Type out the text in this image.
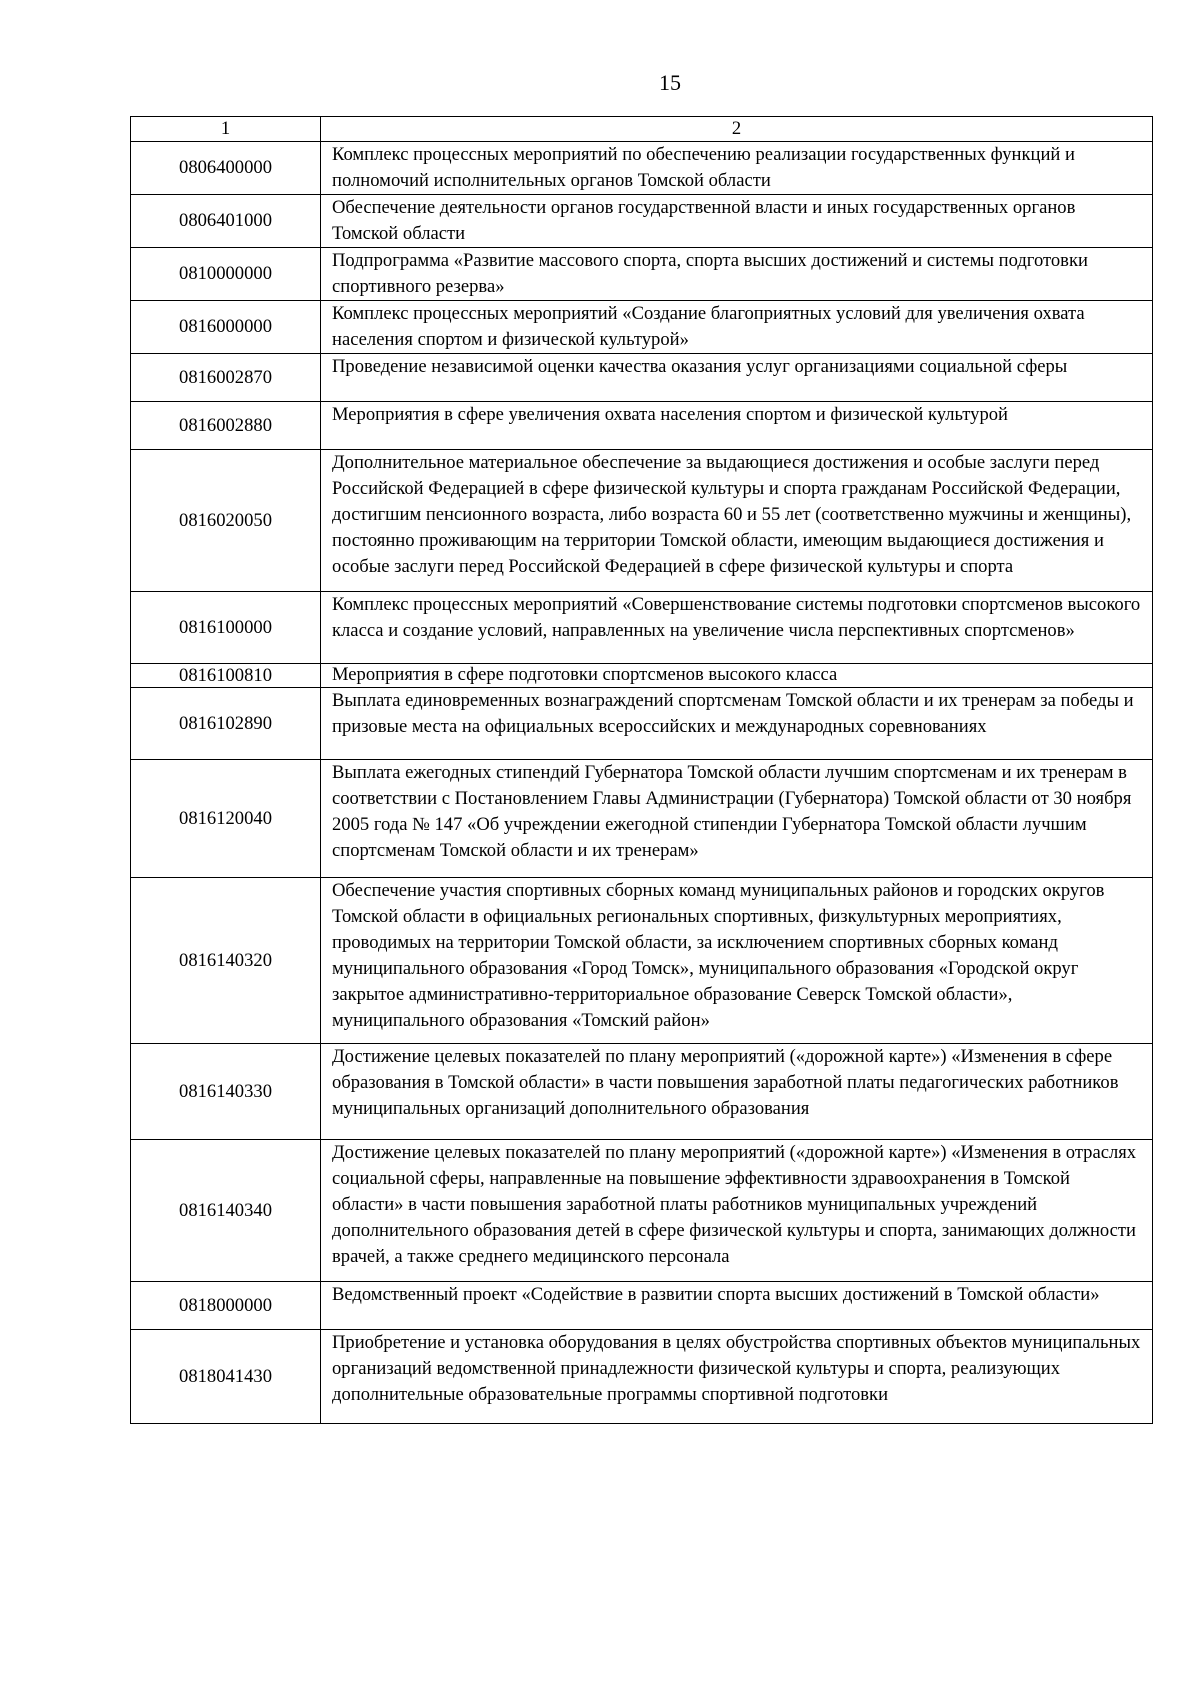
15
1	2
0806400000	Комплекс процессных мероприятий по обеспечению реализации государственных функций и полномочий исполнительных органов Томской области
0806401000	Обеспечение деятельности органов государственной власти и иных государственных органов Томской области
0810000000	Подпрограмма «Развитие массового спорта, спорта высших достижений и системы подготовки спортивного резерва»
0816000000	Комплекс процессных мероприятий «Создание благоприятных условий для увеличения охвата населения спортом и физической культурой»
0816002870	Проведение независимой оценки качества оказания услуг организациями социальной сферы
0816002880	Мероприятия в сфере увеличения охвата населения спортом и физической культурой
0816020050	Дополнительное материальное обеспечение за выдающиеся достижения и особые заслуги перед Российской Федерацией в сфере физической культуры и спорта гражданам Российской Федерации, достигшим пенсионного возраста, либо возраста 60 и 55 лет (соответственно мужчины и женщины), постоянно проживающим на территории Томской области, имеющим выдающиеся достижения и особые заслуги перед Российской Федерацией в сфере физической культуры и спорта
0816100000	Комплекс процессных мероприятий «Совершенствование системы подготовки спортсменов высокого класса и создание условий, направленных на увеличение числа перспективных спортсменов»
0816100810	Мероприятия в сфере подготовки спортсменов высокого класса
0816102890	Выплата единовременных вознаграждений спортсменам Томской области и их тренерам за победы и призовые места на официальных всероссийских и международных соревнованиях
0816120040	Выплата ежегодных стипендий Губернатора Томской области лучшим спортсменам и их тренерам в соответствии с Постановлением Главы Администрации (Губернатора) Томской области от 30 ноября 2005 года № 147 «Об учреждении ежегодной стипендии Губернатора Томской области лучшим спортсменам Томской области и их тренерам»
0816140320	Обеспечение участия спортивных сборных команд муниципальных районов и городских округов Томской области в официальных региональных спортивных, физкультурных мероприятиях, проводимых на территории Томской области, за исключением спортивных сборных команд муниципального образования «Город Томск», муниципального образования «Городской округ закрытое административно-территориальное образование Северск Томской области», муниципального образования «Томский район»
0816140330	Достижение целевых показателей по плану мероприятий («дорожной карте») «Изменения в сфере образования в Томской области» в части повышения заработной платы педагогических работников муниципальных организаций дополнительного образования
0816140340	Достижение целевых показателей по плану мероприятий («дорожной карте») «Изменения в отраслях социальной сферы, направленные на повышение эффективности здравоохранения в Томской области» в части повышения заработной платы работников муниципальных учреждений дополнительного образования детей в сфере физической культуры и спорта, занимающих должности врачей, а также среднего медицинского персонала
0818000000	Ведомственный проект «Содействие в развитии спорта высших достижений в Томской области»
0818041430	Приобретение и установка оборудования в целях обустройства спортивных объектов муниципальных организаций ведомственной принадлежности физической культуры и спорта, реализующих дополнительные образовательные программы спортивной подготовки
